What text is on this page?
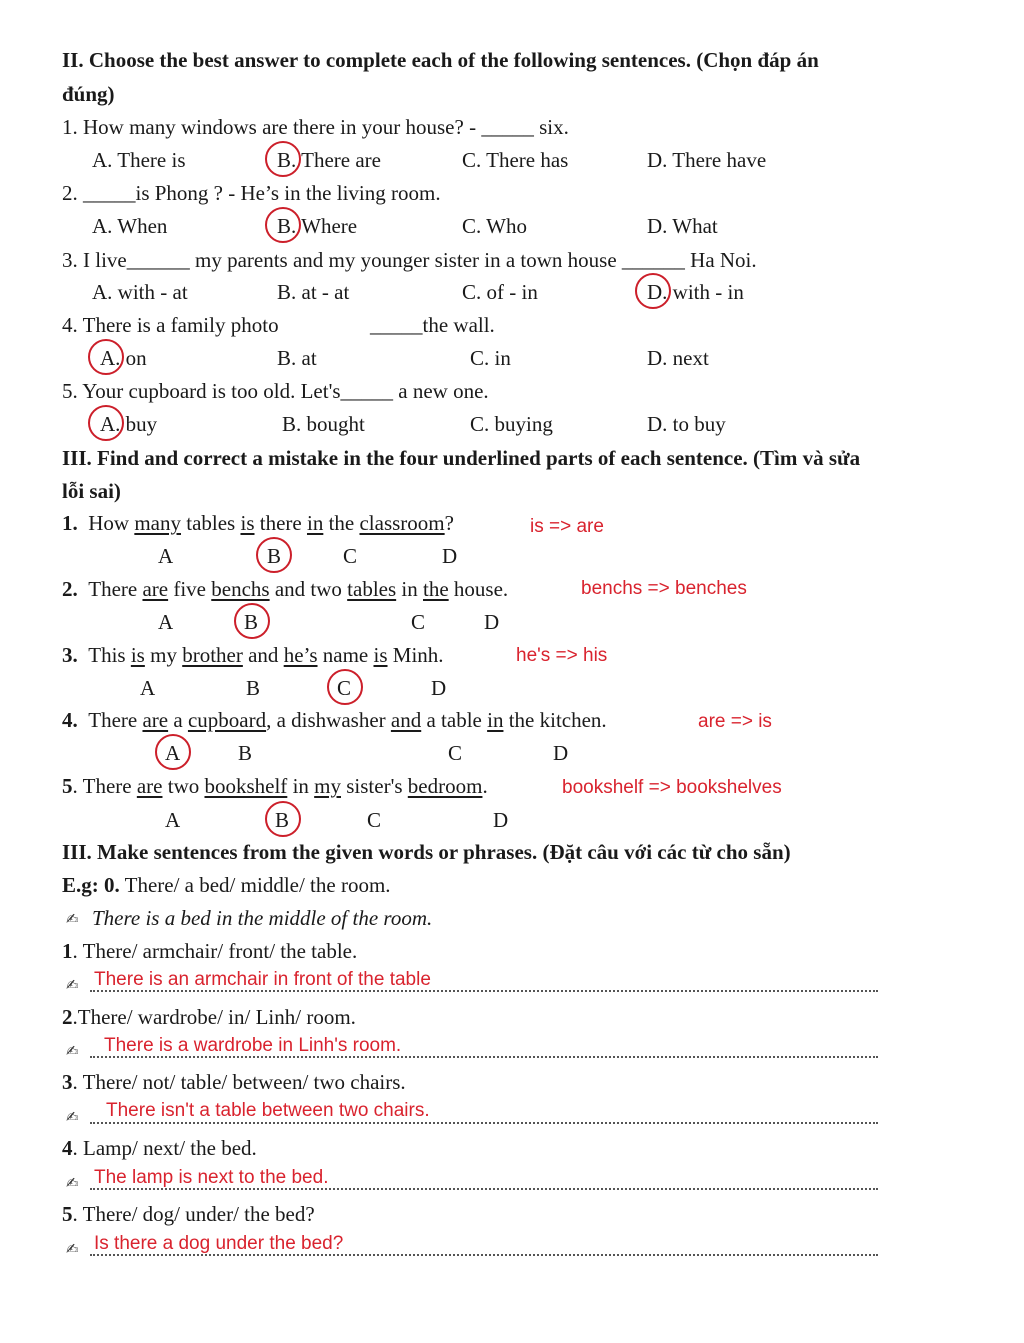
II. Choose the best answer to complete each of the following sentences. (Chọn đáp án
đúng)
1. How many windows are there in your house? - _____ six.
A. There is	B. There are	C. There has	D. There have
2. _____is Phong ? - He’s in the living room.
A. When	B. Where	C. Who	D. What
3. I live______ my parents and my younger sister in a town house ______ Ha Noi.
A. with - at	B. at - at	C. of - in	D. with - in
4. There is a family photo	_____the wall.
A. on	B. at	C. in	D. next
5. Your cupboard is too old. Let's_____ a new one.
A. buy	B. bought	C. buying	D. to buy
III. Find and correct a mistake in the four underlined parts of each sentence. (Tìm và sửa
lỗi sai)
1. How many tables is there in the classroom?	is => are
A	B	C	D
2. There are five benchs and two tables in the house.	benchs => benches
A	B	C	D
3. This is my brother and he’s name is Minh.	he's => his
A	B	C	D
4. There are a cupboard, a dishwasher and a table in the kitchen.	are => is
A	B	C	D
5. There are two bookshelf in my sister's bedroom.	bookshelf => bookshelves
A	B	C	D
III. Make sentences from the given words or phrases. (Đặt câu với các từ cho sẵn)
E.g: 0. There/ a bed/ middle/ the room.
✍ There is a bed in the middle of the room.
1. There/ armchair/ front/ the table.
✍ There is an armchair in front of the table
2.There/ wardrobe/ in/ Linh/ room.
✍ There is a wardrobe in Linh's room.
3. There/ not/ table/ between/ two chairs.
✍ There isn't a table between two chairs.
4. Lamp/ next/ the bed.
✍ The lamp is next to the bed.
5. There/ dog/ under/ the bed?
✍ Is there a dog under the bed?
